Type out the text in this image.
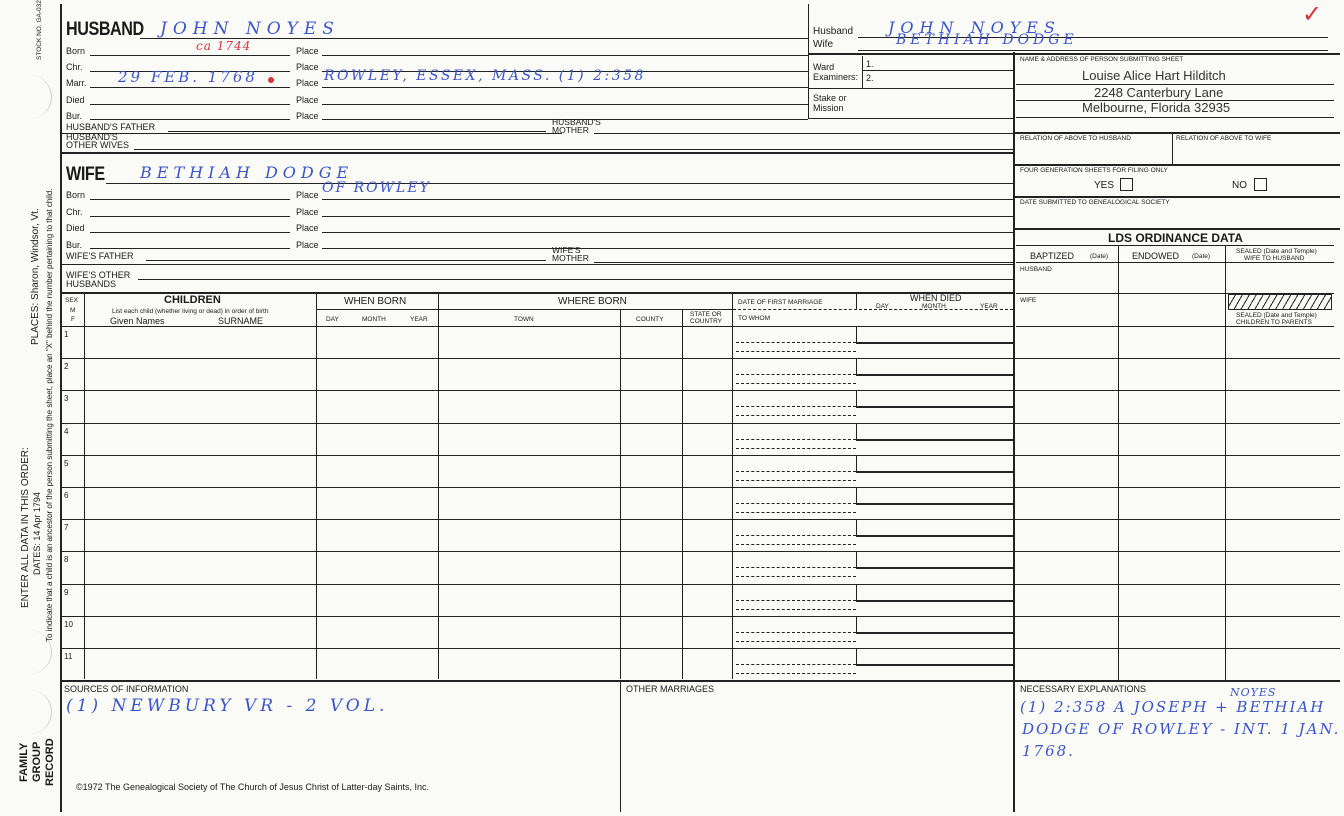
STOCK NO. GA-032
PLACES: Sharon, Windsor, Vt. To indicate that a child is an ancestor of the person submitting the sheet, place an "X" behind the number pertaining to that child.
ENTER ALL DATA IN THIS ORDER: DATES: 14 Apr 1794
FAMILY GROUP RECORD
HUSBAND JOHN NOYES
Born	ca 1744	Place
Chr.	Place
Marr. 29 FEB. 1768	Place ROWLEY, ESSEX, MASS. (1) 2:358
Died	Place
Bur.	Place
HUSBAND'S FATHER	HUSBAND'S
MOTHER
HUSBAND'S
OTHER WIVES
WIFE BETHIAH DODGE
Born	Place OF ROWLEY
Chr.	Place
Died	Place
Bur.	Place
WIFE'S FATHER
WIFE'S
MOTHER
WIFE'S OTHER
HUSBANDS
Husband JOHN NOYES
Wife	BETHIAH DODGE
✓
Ward
Examiners:
1.
2.
Stake or
Mission
NAME & ADDRESS OF PERSON SUBMITTING SHEET
Louise Alice Hart Hilditch
2248 Canterbury Lane
Melbourne, Florida 32935
RELATION OF ABOVE TO HUSBAND	RELATION OF ABOVE TO WIFE
FOUR GENERATION SHEETS FOR FILING ONLY
YES	NO
DATE SUBMITTED TO GENEALOGICAL SOCIETY
LDS ORDINANCE DATA
BAPTIZED (Date)	ENDOWED (Date)
SEALED (Date and Temple)
WIFE TO HUSBAND
HUSBAND
WIFE
SEALED (Date and Temple)
CHILDREN TO PARENTS
SEX
M
F
CHILDREN
List each child (whether living or dead) in order of birth
Given Names	SURNAME
WHEN BORN
DAY	MONTH	YEAR
WHERE BORN
TOWN	COUNTY
STATE OR
COUNTRY
DATE OF FIRST MARRIAGE
TO WHOM
WHEN DIED
DAY	MONTH	YEAR
1
2
3
4
5
6
7
8
9
10
11
SOURCES OF INFORMATION
(1) NEWBURY VR - 2 VOL.
OTHER MARRIAGES	NECESSARY EXPLANATIONS	NOYES
(1) 2:358 A JOSEPH + BETHIAH
DODGE OF ROWLEY - INT. 1 JAN.
1768.
©1972 The Genealogical Society of The Church of Jesus Christ of Latter-day Saints, Inc.
